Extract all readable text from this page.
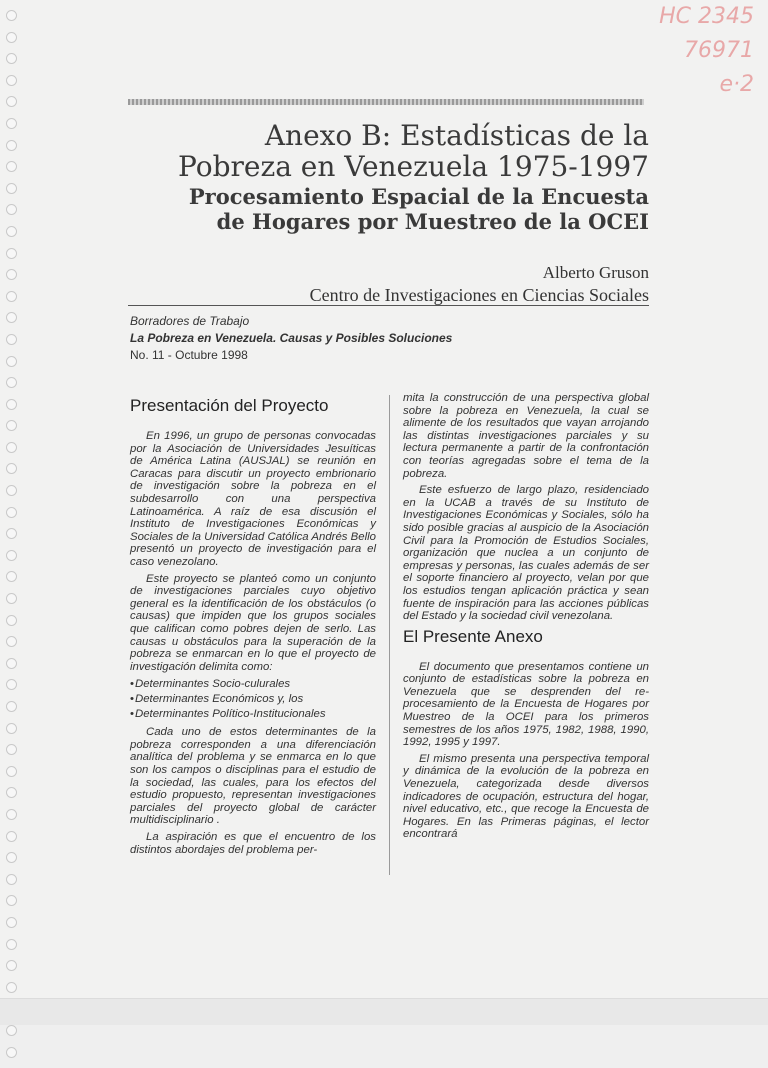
HC 2345
76971
e·2

Anexo B: Estadísticas de la

Pobreza en Venezuela 1975-1997

Procesamiento Espacial de la Encuesta

de Hogares por Muestreo de la OCEI

Alberto Gruson
Centro de Investigaciones en Ciencias Sociales
Borradores de Trabajo
La Pobreza en Venezuela. Causas y Posibles Soluciones
No. 11 - Octubre 1998
Presentación del Proyecto

En 1996, un grupo de personas convocadas por la Asociación de Universidades Jesuíticas de América Latina (AUSJAL) se reunión en Caracas para discutir un proyecto embrionario de investigación sobre la pobreza en el subdesarrollo con una perspectiva Latinoamérica. A raíz de esa discusión el Instituto de Investigaciones Económicas y Sociales de la Universidad Católica Andrés Bello presentó un proyecto de investigación para el caso venezolano.

Este proyecto se planteó como un conjunto de investigaciones parciales cuyo objetivo general es la identificación de los obstáculos (o causas) que impiden que los grupos sociales que califican como pobres dejen de serlo. Las causas u obstáculos para la superación de la pobreza se enmarcan en lo que el proyecto de investigación delimita como:

• Determinantes Socio-culurales
• Determinantes Económicos y, los
• Determinantes Político-Institucionales

Cada uno de estos determinantes de la pobreza corresponden a una diferenciación analítica del problema y se enmarca en lo que son los campos o disciplinas para el estudio de la sociedad, las cuales, para los efectos del estudio propuesto, representan investigaciones parciales del proyecto global de carácter multidisciplinario .

La aspiración es que el encuentro de los distintos abordajes del problema per-

mita la construcción de una perspectiva global sobre la pobreza en Venezuela, la cual se alimente de los resultados que vayan arrojando las distintas investigaciones parciales y su lectura permanente a partir de la confrontación con teorías agregadas sobre el tema de la pobreza.

Este esfuerzo de largo plazo, residenciado en la UCAB a través de su Instituto de Investigaciones Económicas y Sociales, sólo ha sido posible gracias al auspicio de la Asociación Civil para la Promoción de Estudios Sociales, organización que nuclea a un conjunto de empresas y personas, las cuales además de ser el soporte financiero al proyecto, velan por que los estudios tengan aplicación práctica y sean fuente de inspiración para las acciones públicas del Estado y la sociedad civil venezolana.

El Presente Anexo

El documento que presentamos contiene un conjunto de estadísticas sobre la pobreza en Venezuela que se desprenden del re-procesamiento de la Encuesta de Hogares por Muestreo de la OCEI para los primeros semestres de los años 1975, 1982, 1988, 1990, 1992, 1995 y 1997.

El mismo presenta una perspectiva temporal y dinámica de la evolución de la pobreza en Venezuela, categorizada desde diversos indicadores de ocupación, estructura del hogar, nivel educativo, etc., que recoge la Encuesta de Hogares. En las Primeras páginas, el lector encontrará
